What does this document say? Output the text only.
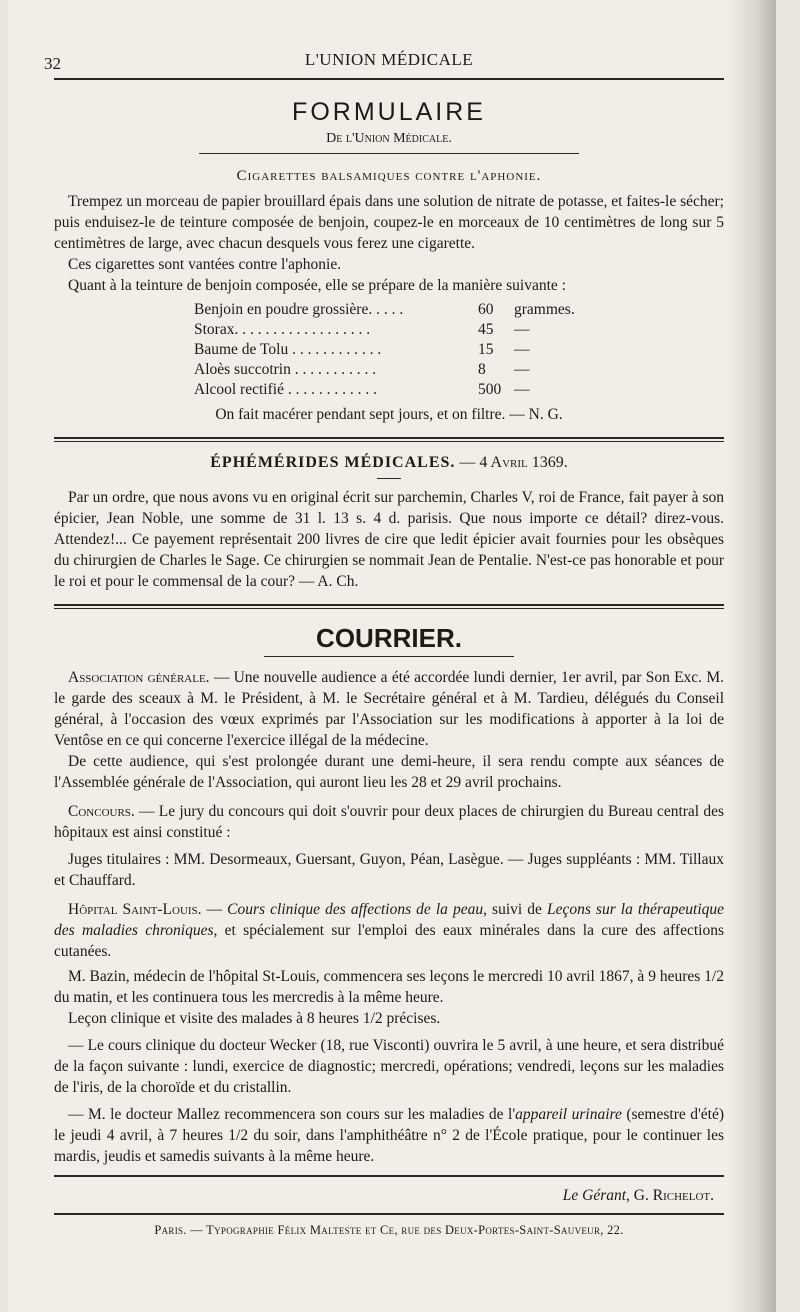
32	L'UNION MÉDICALE
FORMULAIRE
De l'Union Médicale.
Cigarettes balsamiques contre l'aphonie.

Trempez un morceau de papier brouillard épais dans une solution de nitrate de potasse, et faites-le sécher; puis enduisez-le de teinture composée de benjoin, coupez-le en morceaux de 10 centimètres de long sur 5 centimètres de large, avec chacun desquels vous ferez une cigarette.

Ces cigarettes sont vantées contre l'aphonie.

Quant à la teinture de benjoin composée, elle se prépare de la manière suivante :

Benjoin en poudre grossière. . . . .	60	grammes.
Storax. . . . . . . . . . . . . . . . . .	45	—
Baume de Tolu . . . . . . . . . . . .	15	—
Aloès succotrin . . . . . . . . . . .	8	—
Alcool rectifié . . . . . . . . . . . .	500 —

On fait macérer pendant sept jours, et on filtre. — N. G.

ÉPHÉMÉRIDES MÉDICALES. — 4 Avril 1369.

Par un ordre, que nous avons vu en original écrit sur parchemin, Charles V, roi de France, fait payer à son épicier, Jean Noble, une somme de 31 l. 13 s. 4 d. parisis. Que nous importe ce détail? direz-vous. Attendez!... Ce payement représentait 200 livres de cire que ledit épicier avait fournies pour les obsèques du chirurgien de Charles le Sage. Ce chirurgien se nommait Jean de Pentalie. N'est-ce pas honorable et pour le roi et pour le commensal de la cour? — A. Ch.

COURRIER.

Association générale. — Une nouvelle audience a été accordée lundi dernier, 1er avril, par Son Exc. M. le garde des sceaux à M. le Président, à M. le Secrétaire général et à M. Tardieu, délégués du Conseil général, à l'occasion des vœux exprimés par l'Association sur les modifications à apporter à la loi de Ventôse en ce qui concerne l'exercice illégal de la médecine.

De cette audience, qui s'est prolongée durant une demi-heure, il sera rendu compte aux séances de l'Assemblée générale de l'Association, qui auront lieu les 28 et 29 avril prochains.

Concours. — Le jury du concours qui doit s'ouvrir pour deux places de chirurgien du Bureau central des hôpitaux est ainsi constitué :

Juges titulaires : MM. Desormeaux, Guersant, Guyon, Péan, Lasègue. — Juges suppléants : MM. Tillaux et Chauffard.

Hôpital Saint-Louis. — Cours clinique des affections de la peau, suivi de Leçons sur la thérapeutique des maladies chroniques, et spécialement sur l'emploi des eaux minérales dans la cure des affections cutanées.

M. Bazin, médecin de l'hôpital St-Louis, commencera ses leçons le mercredi 10 avril 1867, à 9 heures 1/2 du matin, et les continuera tous les mercredis à la même heure.

Leçon clinique et visite des malades à 8 heures 1/2 précises.

— Le cours clinique du docteur Wecker (18, rue Visconti) ouvrira le 5 avril, à une heure, et sera distribué de la façon suivante : lundi, exercice de diagnostic; mercredi, opérations; vendredi, leçons sur les maladies de l'iris, de la choroïde et du cristallin.

— M. le docteur Mallez recommencera son cours sur les maladies de l'appareil urinaire (semestre d'été) le jeudi 4 avril, à 7 heures 1/2 du soir, dans l'amphithéâtre n° 2 de l'École pratique, pour le continuer les mardis, jeudis et samedis suivants à la même heure.

Le Gérant, G. Richelot.
Paris. — Typographie Félix Malteste et Ce, rue des Deux-Portes-Saint-Sauveur, 22.
